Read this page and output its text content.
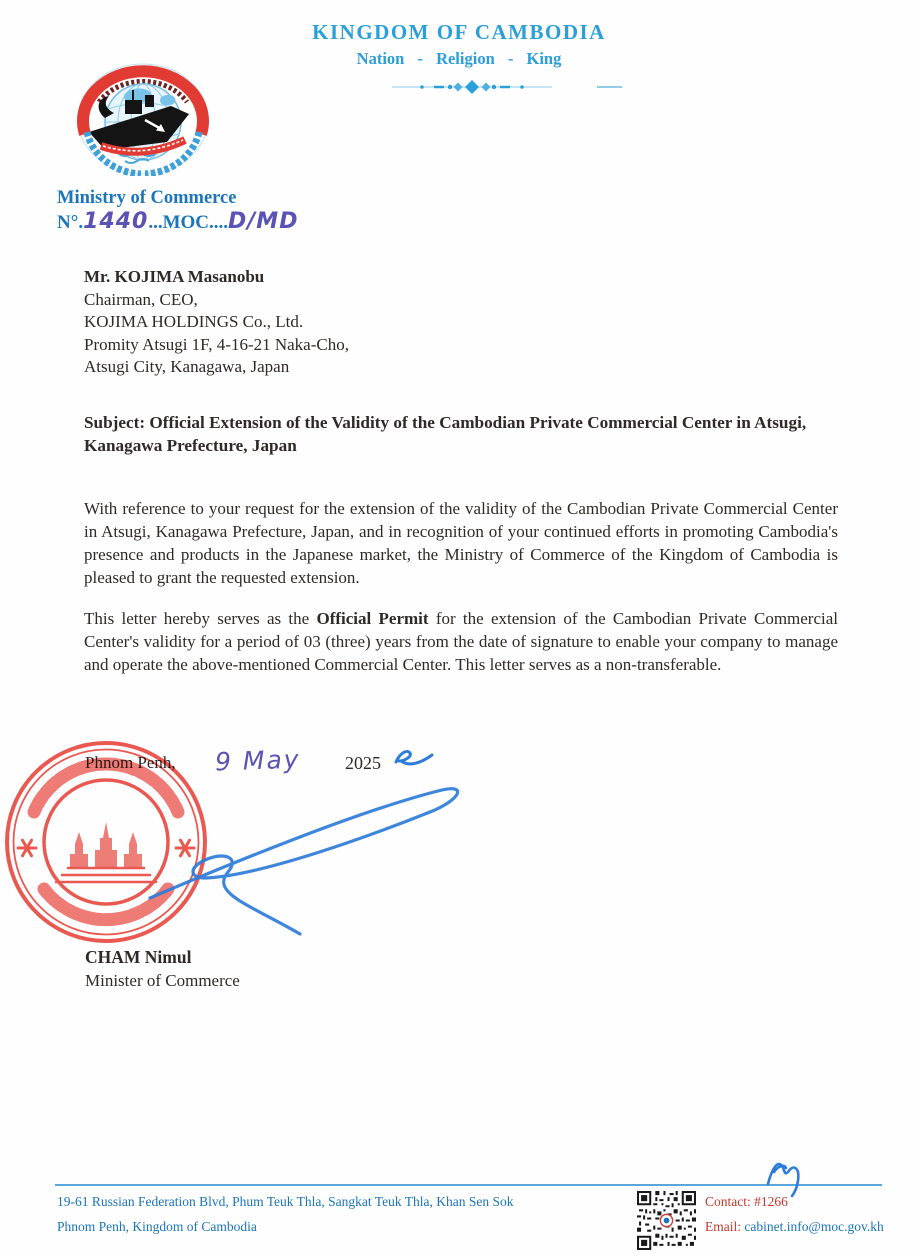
KINGDOM OF CAMBODIA
Nation - Religion - King
Ministry of Commerce
N°.1440...MOC....D/MD
Mr. KOJIMA Masanobu
Chairman, CEO,
KOJIMA HOLDINGS Co., Ltd.
Promity Atsugi 1F, 4-16-21 Naka-Cho,
Atsugi City, Kanagawa, Japan
Subject: Official Extension of the Validity of the Cambodian Private Commercial Center in Atsugi, Kanagawa Prefecture, Japan
With reference to your request for the extension of the validity of the Cambodian Private Commercial Center in Atsugi, Kanagawa Prefecture, Japan, and in recognition of your continued efforts in promoting Cambodia's presence and products in the Japanese market, the Ministry of Commerce of the Kingdom of Cambodia is pleased to grant the requested extension.
This letter hereby serves as the Official Permit for the extension of the Cambodian Private Commercial Center's validity for a period of 03 (three) years from the date of signature to enable your company to manage and operate the above-mentioned Commercial Center. This letter serves as a non-transferable.
Phnom Penh, 9 May 2025
CHAM Nimul
Minister of Commerce
19-61 Russian Federation Blvd, Phum Teuk Thla, Sangkat Teuk Thla, Khan Sen Sok
Phnom Penh, Kingdom of Cambodia
Contact: #1266
Email: cabinet.info@moc.gov.kh
